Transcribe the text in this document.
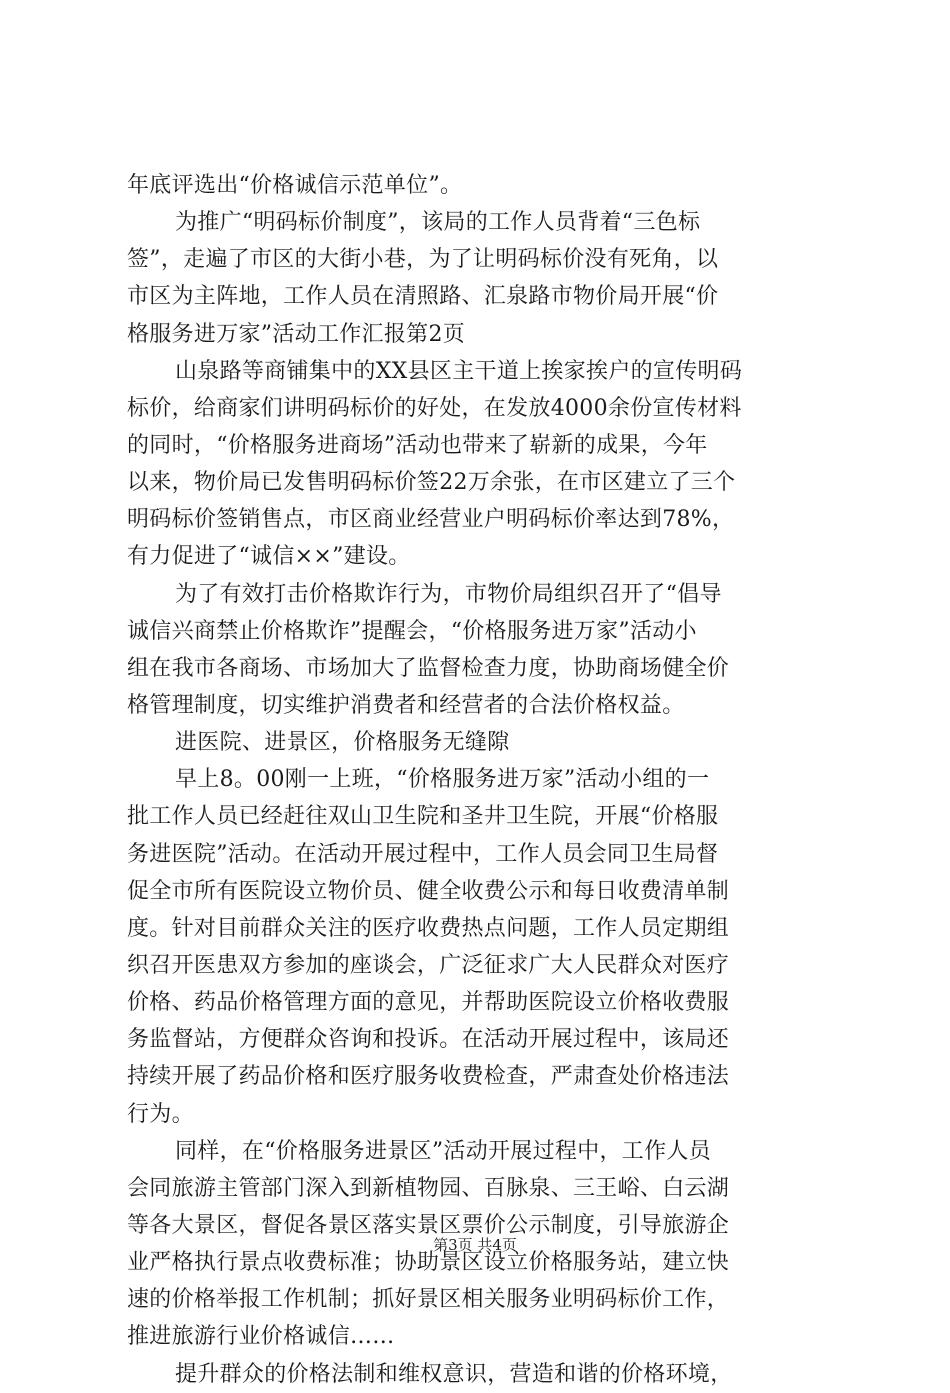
年底评选出“价格诚信示范单位”。
为推广“明码标价制度”，该局的工作人员背着“三色标
签”，走遍了市区的大街小巷，为了让明码标价没有死角，以
市区为主阵地，工作人员在清照路、汇泉路市物价局开展“价
格服务进万家”活动工作汇报第2页
山泉路等商铺集中的XX县区主干道上挨家挨户的宣传明码
标价，给商家们讲明码标价的好处，在发放4000余份宣传材料
的同时，“价格服务进商场”活动也带来了崭新的成果，今年
以来，物价局已发售明码标价签22万余张，在市区建立了三个
明码标价签销售点，市区商业经营业户明码标价率达到78%，
有力促进了“诚信××”建设。
为了有效打击价格欺诈行为，市物价局组织召开了“倡导
诚信兴商禁止价格欺诈”提醒会，“价格服务进万家”活动小
组在我市各商场、市场加大了监督检查力度，协助商场健全价
格管理制度，切实维护消费者和经营者的合法价格权益。
进医院、进景区，价格服务无缝隙
早上8。00刚一上班，“价格服务进万家”活动小组的一
批工作人员已经赶往双山卫生院和圣井卫生院，开展“价格服
务进医院”活动。在活动开展过程中，工作人员会同卫生局督
促全市所有医院设立物价员、健全收费公示和每日收费清单制
度。针对目前群众关注的医疗收费热点问题，工作人员定期组
织召开医患双方参加的座谈会，广泛征求广大人民群众对医疗
价格、药品价格管理方面的意见，并帮助医院设立价格收费服
务监督站，方便群众咨询和投诉。在活动开展过程中，该局还
持续开展了药品价格和医疗服务收费检查，严肃查处价格违法
行为。
同样，在“价格服务进景区”活动开展过程中，工作人员
会同旅游主管部门深入到新植物园、百脉泉、三王峪、白云湖
等各大景区，督促各景区落实景区票价公示制度，引导旅游企
业严格执行景点收费标准；协助景区设立价格服务站，建立快
速的价格举报工作机制；抓好景区相关服务业明码标价工作，
推进旅游行业价格诚信……
提升群众的价格法制和维权意识，营造和谐的价格环境，
第3页 共4页
